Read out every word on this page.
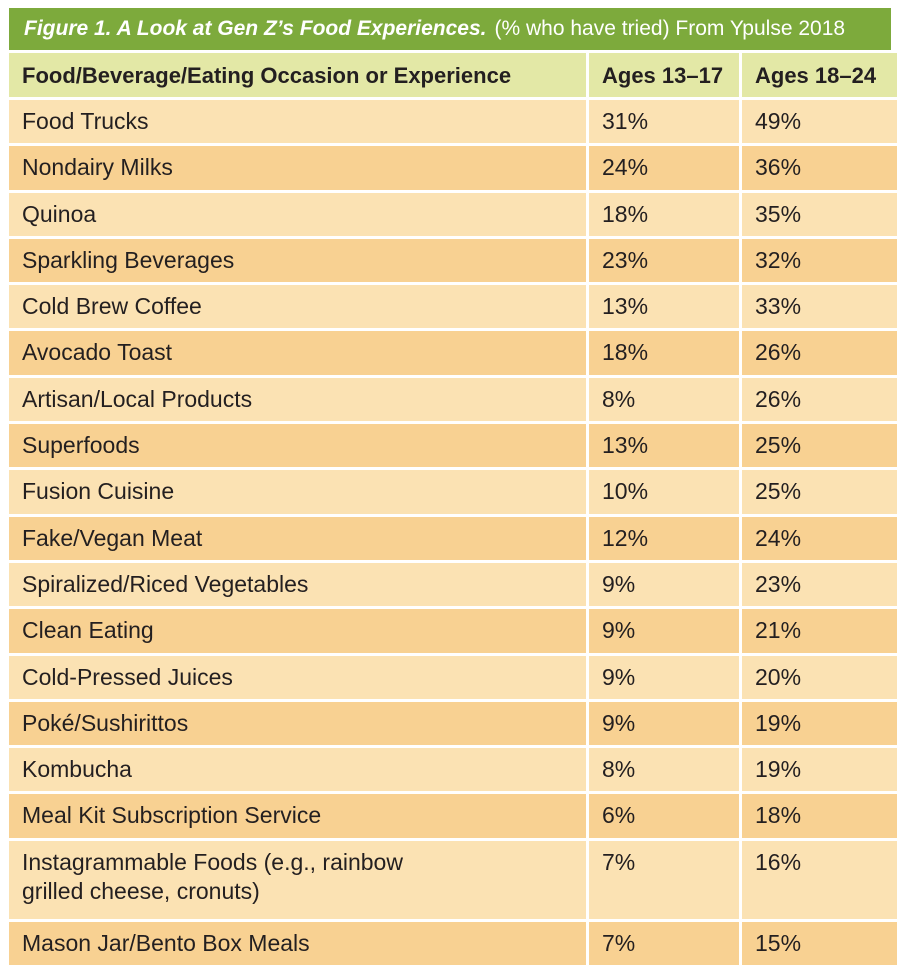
Figure 1. A Look at Gen Z’s Food Experiences. (% who have tried) From Ypulse 2018
Food/Beverage/Eating Occasion or Experience	Ages 13–17	Ages 18–24
Food Trucks	31%	49%
Nondairy Milks	24%	36%
Quinoa	18%	35%
Sparkling Beverages	23%	32%
Cold Brew Coffee	13%	33%
Avocado Toast	18%	26%
Artisan/Local Products	8%	26%
Superfoods	13%	25%
Fusion Cuisine	10%	25%
Fake/Vegan Meat	12%	24%
Spiralized/Riced Vegetables	9%	23%
Clean Eating	9%	21%
Cold-Pressed Juices	9%	20%
Poké/Sushirittos	9%	19%
Kombucha	8%	19%
Meal Kit Subscription Service	6%	18%
Instagrammable Foods (e.g., rainbow
grilled cheese, cronuts)	7%	16%
Mason Jar/Bento Box Meals	7%	15%
